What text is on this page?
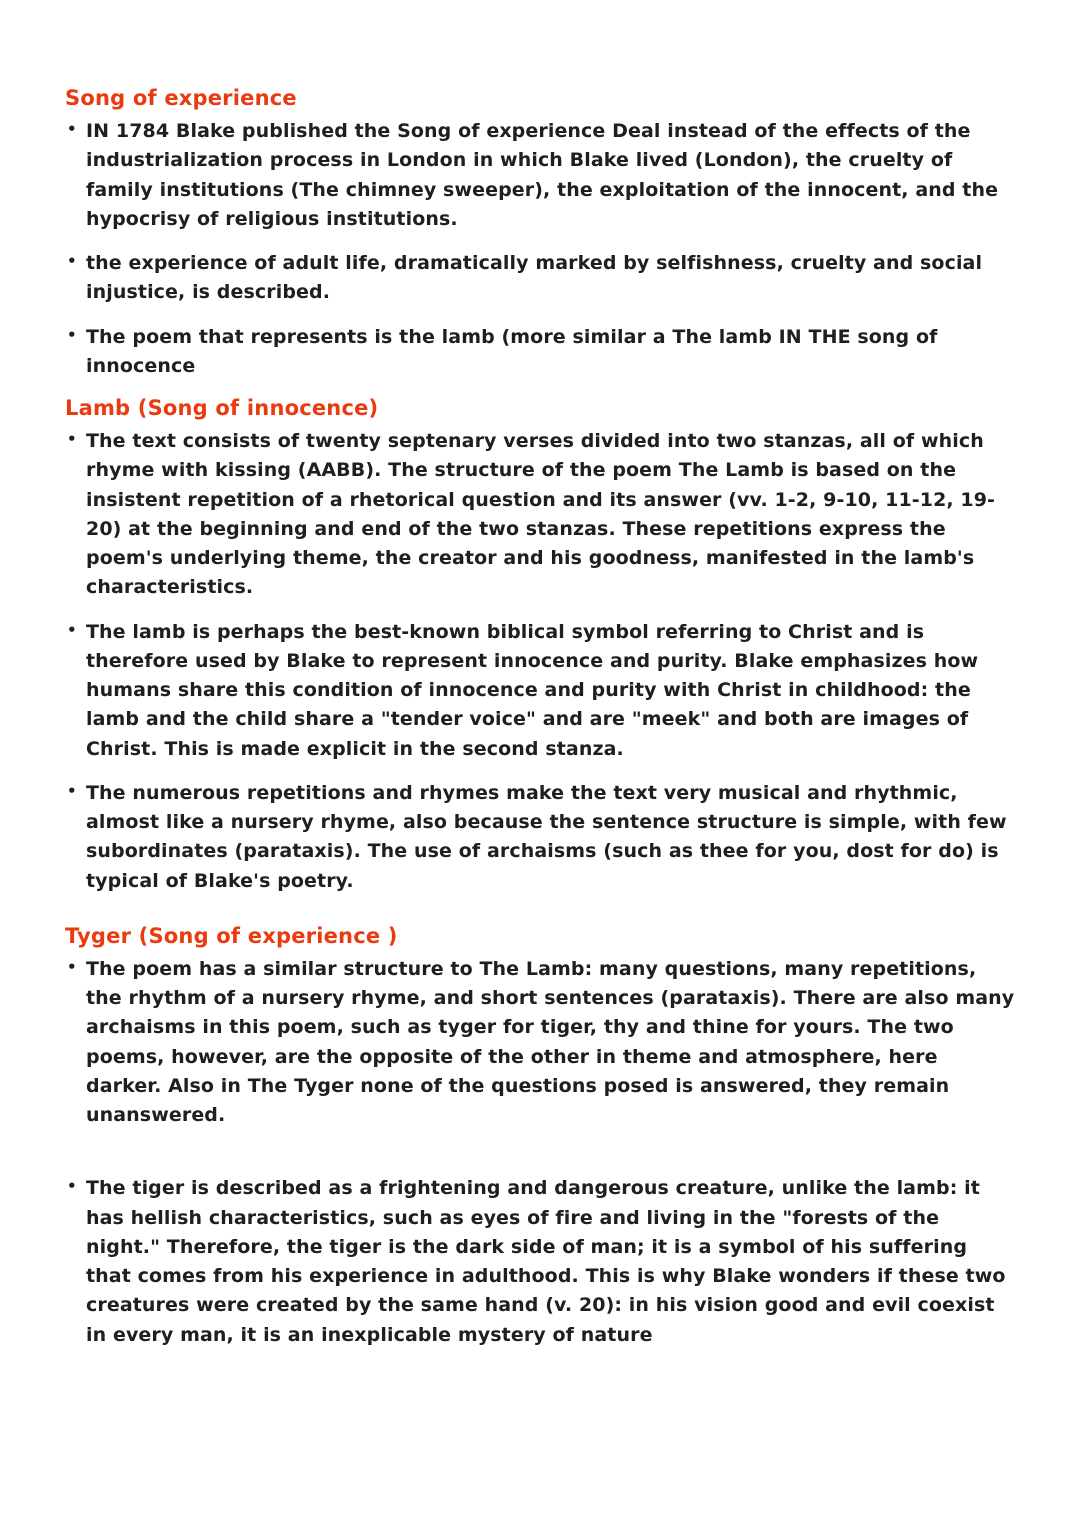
Song of experience
• IN 1784 Blake published the Song of experience Deal instead of the effects of the industrialization process in London in which Blake lived (London), the cruelty of family institutions (The chimney sweeper), the exploitation of the innocent, and the hypocrisy of religious institutions.
• the experience of adult life, dramatically marked by selfishness, cruelty and social injustice, is described.
• The poem that represents is the lamb (more similar a The lamb IN THE song of innocence
Lamb (Song of innocence)
• The text consists of twenty septenary verses divided into two stanzas, all of which rhyme with kissing (AABB). The structure of the poem The Lamb is based on the insistent repetition of a rhetorical question and its answer (vv. 1-2, 9-10, 11-12, 19-20) at the beginning and end of the two stanzas. These repetitions express the poem's underlying theme, the creator and his goodness, manifested in the lamb's characteristics.
• The lamb is perhaps the best-known biblical symbol referring to Christ and is therefore used by Blake to represent innocence and purity. Blake emphasizes how humans share this condition of innocence and purity with Christ in childhood: the lamb and the child share a "tender voice" and are "meek" and both are images of Christ. This is made explicit in the second stanza.
• The numerous repetitions and rhymes make the text very musical and rhythmic, almost like a nursery rhyme, also because the sentence structure is simple, with few subordinates (parataxis). The use of archaisms (such as thee for you, dost for do) is typical of Blake's poetry.
Tyger (Song of experience )
• The poem has a similar structure to The Lamb: many questions, many repetitions, the rhythm of a nursery rhyme, and short sentences (parataxis). There are also many archaisms in this poem, such as tyger for tiger, thy and thine for yours. The two poems, however, are the opposite of the other in theme and atmosphere, here darker. Also in The Tyger none of the questions posed is answered, they remain unanswered.
• The tiger is described as a frightening and dangerous creature, unlike the lamb: it has hellish characteristics, such as eyes of fire and living in the "forests of the night." Therefore, the tiger is the dark side of man; it is a symbol of his suffering that comes from his experience in adulthood. This is why Blake wonders if these two creatures were created by the same hand (v. 20): in his vision good and evil coexist in every man, it is an inexplicable mystery of nature
